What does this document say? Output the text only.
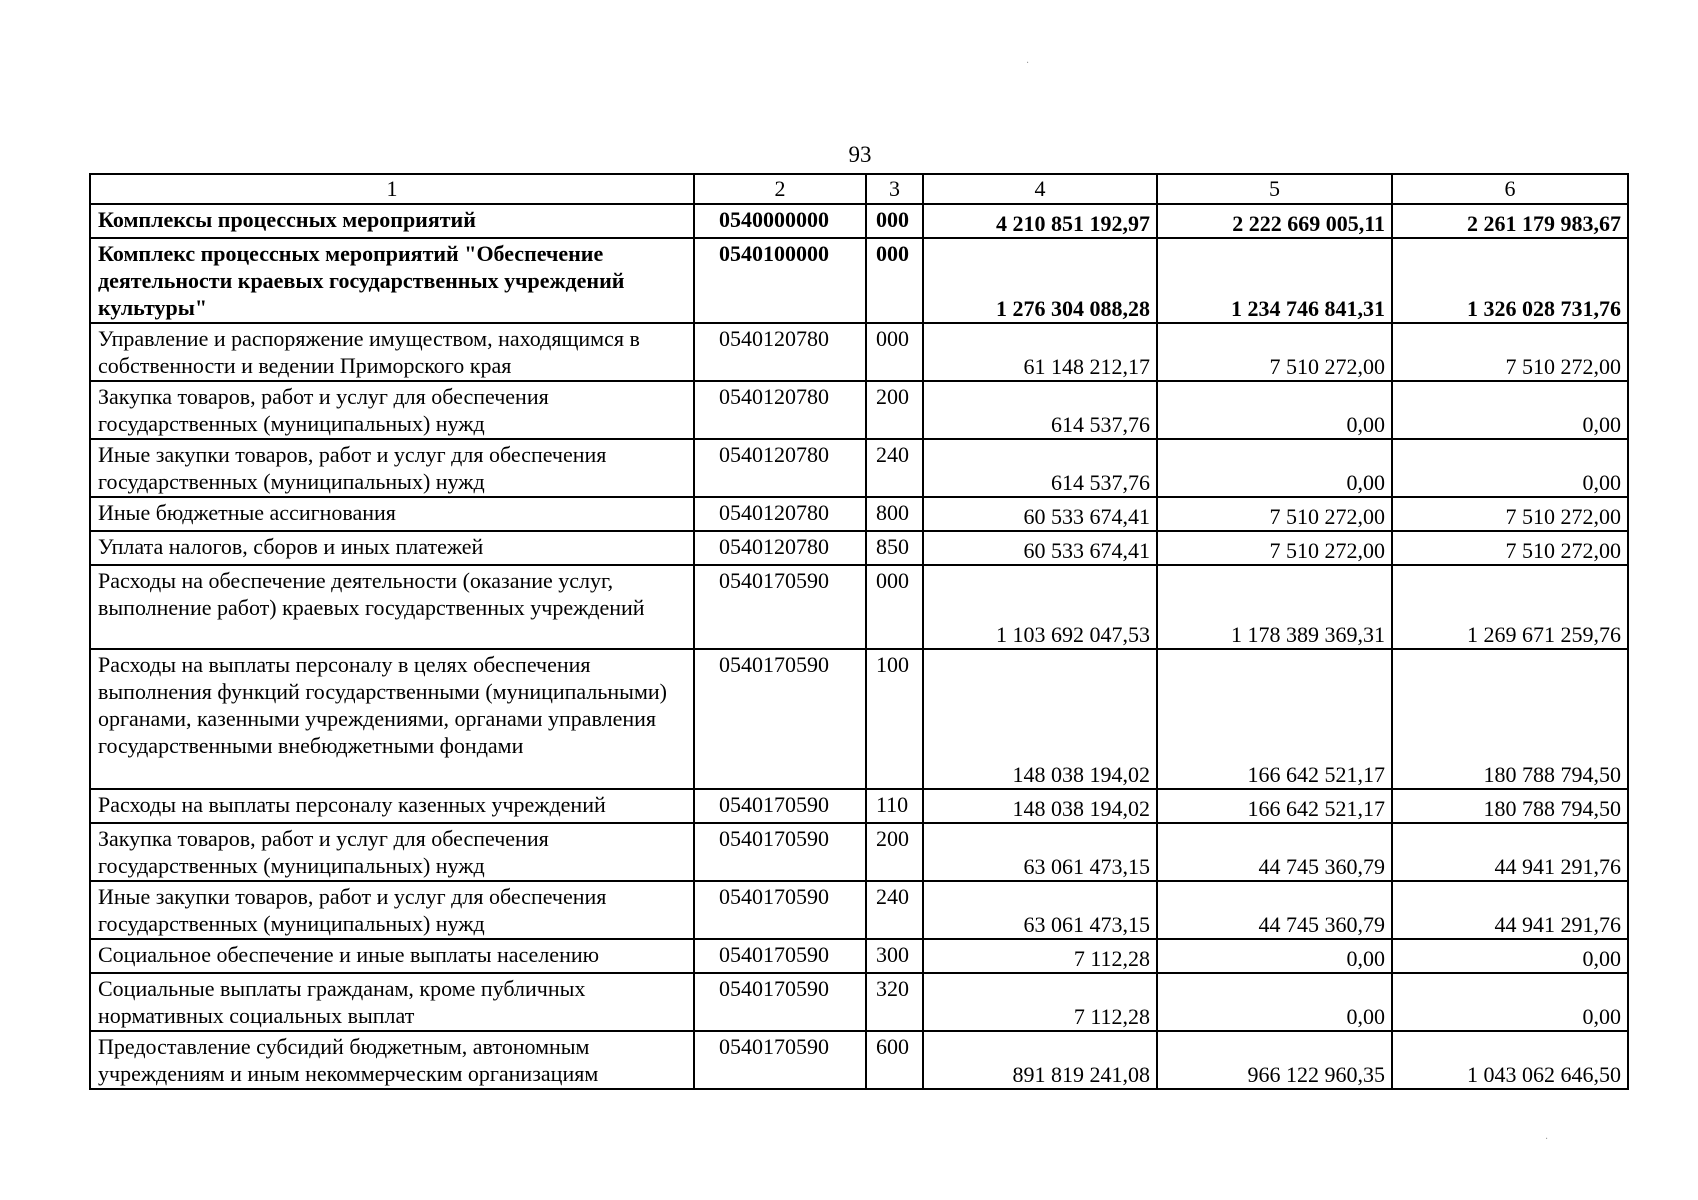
93
1	2	3	4	5	6
Комплексы процессных мероприятий	0540000000	000	4 210 851 192,97	2 222 669 005,11	2 261 179 983,67
Комплекс процессных мероприятий "Обеспечение деятельности краевых государственных учреждений культуры"	0540100000	000	1 276 304 088,28	1 234 746 841,31	1 326 028 731,76
Управление и распоряжение имуществом, находящимся в собственности и ведении Приморского края	0540120780	000	61 148 212,17	7 510 272,00	7 510 272,00
Закупка товаров, работ и услуг для обеспечения государственных (муниципальных) нужд	0540120780	200	614 537,76	0,00	0,00
Иные закупки товаров, работ и услуг для обеспечения государственных (муниципальных) нужд	0540120780	240	614 537,76	0,00	0,00
Иные бюджетные ассигнования	0540120780	800	60 533 674,41	7 510 272,00	7 510 272,00
Уплата налогов, сборов и иных платежей	0540120780	850	60 533 674,41	7 510 272,00	7 510 272,00
Расходы на обеспечение деятельности (оказание услуг, выполнение работ) краевых государственных учреждений	0540170590	000	1 103 692 047,53	1 178 389 369,31	1 269 671 259,76
Расходы на выплаты персоналу в целях обеспечения выполнения функций государственными (муниципальными) органами, казенными учреждениями, органами управления государственными внебюджетными фондами	0540170590	100	148 038 194,02	166 642 521,17	180 788 794,50
Расходы на выплаты персоналу казенных учреждений	0540170590	110	148 038 194,02	166 642 521,17	180 788 794,50
Закупка товаров, работ и услуг для обеспечения государственных (муниципальных) нужд	0540170590	200	63 061 473,15	44 745 360,79	44 941 291,76
Иные закупки товаров, работ и услуг для обеспечения государственных (муниципальных) нужд	0540170590	240	63 061 473,15	44 745 360,79	44 941 291,76
Социальное обеспечение и иные выплаты населению	0540170590	300	7 112,28	0,00	0,00
Социальные выплаты гражданам, кроме публичных нормативных социальных выплат	0540170590	320	7 112,28	0,00	0,00
Предоставление субсидий бюджетным, автономным учреждениям и иным некоммерческим организациям	0540170590	600	891 819 241,08	966 122 960,35	1 043 062 646,50
·
·
